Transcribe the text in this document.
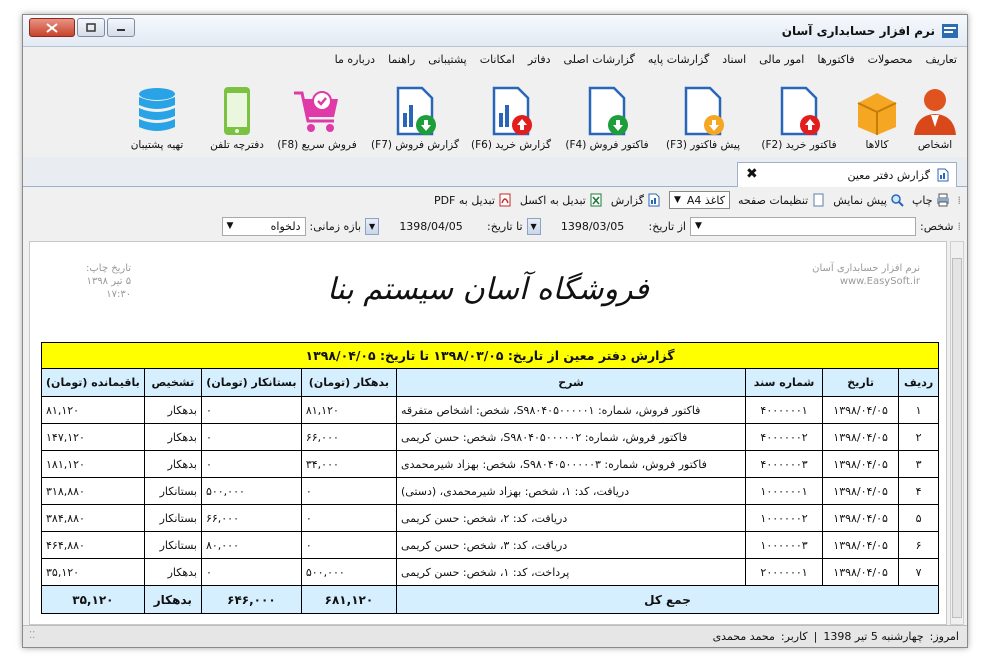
نرم افزار حسابداری آسان
تعاریف
محصولات
فاکتورها
امور مالی
اسناد
گزارشات پایه
گزارشات اصلی
دفاتر
امکانات
پشتیبانی
راهنما
درباره ما
اشخاص
کالاها
فاکتور خرید (F2)
پیش فاکتور (F3)
فاکتور فروش (F4)
گزارش خرید (F6)
گزارش فروش (F7)
فروش سریع (F8)
دفترچه تلفن
تهیه پشتیبان
گزارش دفتر معین
✖
⁞
چاپ
پیش نمایش
تنظیمات صفحه
کاغذ A4
▼
گزارش
تبدیل به اکسل
تبدیل به PDF
⁞
شخص:
▼
از تاریخ:
1398/03/05
▼
تا تاریخ:
1398/04/05
▼
بازه زمانی:
دلخواه
▼
نرم افزار حسابداری آسان
www.EasySoft.ir
تاریخ چاپ:
۵ تیر ۱۳۹۸
۱۷:۳۰	فروشگاه آسان سیستم بنا
گزارش دفتر معین از تاریخ: ۱۳۹۸/۰۳/۰۵ تا تاریخ: ۱۳۹۸/۰۴/۰۵							
ردیف	تاریخ	شماره سند	شرح	بدهکار (تومان)	بستانکار (تومان)	تشخیص	باقیمانده (تومان)
۱	۱۳۹۸/۰۴/۰۵	۴۰۰۰۰۰۰۱	فاکتور فروش، شماره: S۹۸۰۴۰۵۰۰۰۰۰۱، شخص: اشخاص متفرقه	۸۱,۱۲۰	۰	بدهکار	۸۱,۱۲۰
۲	۱۳۹۸/۰۴/۰۵	۴۰۰۰۰۰۰۲	فاکتور فروش، شماره: S۹۸۰۴۰۵۰۰۰۰۰۲، شخص: حسن کریمی	۶۶,۰۰۰	۰	بدهکار	۱۴۷,۱۲۰
۳	۱۳۹۸/۰۴/۰۵	۴۰۰۰۰۰۰۳	فاکتور فروش، شماره: S۹۸۰۴۰۵۰۰۰۰۰۳، شخص: بهزاد شیرمحمدی	۳۴,۰۰۰	۰	بدهکار	۱۸۱,۱۲۰
۴	۱۳۹۸/۰۴/۰۵	۱۰۰۰۰۰۰۱	دریافت، کد: ۱، شخص: بهزاد شیرمحمدی، (دستی)	۰	۵۰۰,۰۰۰	بستانکار	۳۱۸,۸۸۰
۵	۱۳۹۸/۰۴/۰۵	۱۰۰۰۰۰۰۲	دریافت، کد: ۲، شخص: حسن کریمی	۰	۶۶,۰۰۰	بستانکار	۳۸۴,۸۸۰
۶	۱۳۹۸/۰۴/۰۵	۱۰۰۰۰۰۰۳	دریافت، کد: ۳، شخص: حسن کریمی	۰	۸۰,۰۰۰	بستانکار	۴۶۴,۸۸۰
۷	۱۳۹۸/۰۴/۰۵	۲۰۰۰۰۰۰۱	پرداخت، کد: ۱، شخص: حسن کریمی	۵۰۰,۰۰۰	۰	بدهکار	۳۵,۱۲۰
جمع کل				۶۸۱,۱۲۰	۶۴۶,۰۰۰	بدهکار	۳۵,۱۲۰
امروز:
چهارشنبه 5 تیر 1398
|
کاربر:
محمد محمدی
⁚⁚
